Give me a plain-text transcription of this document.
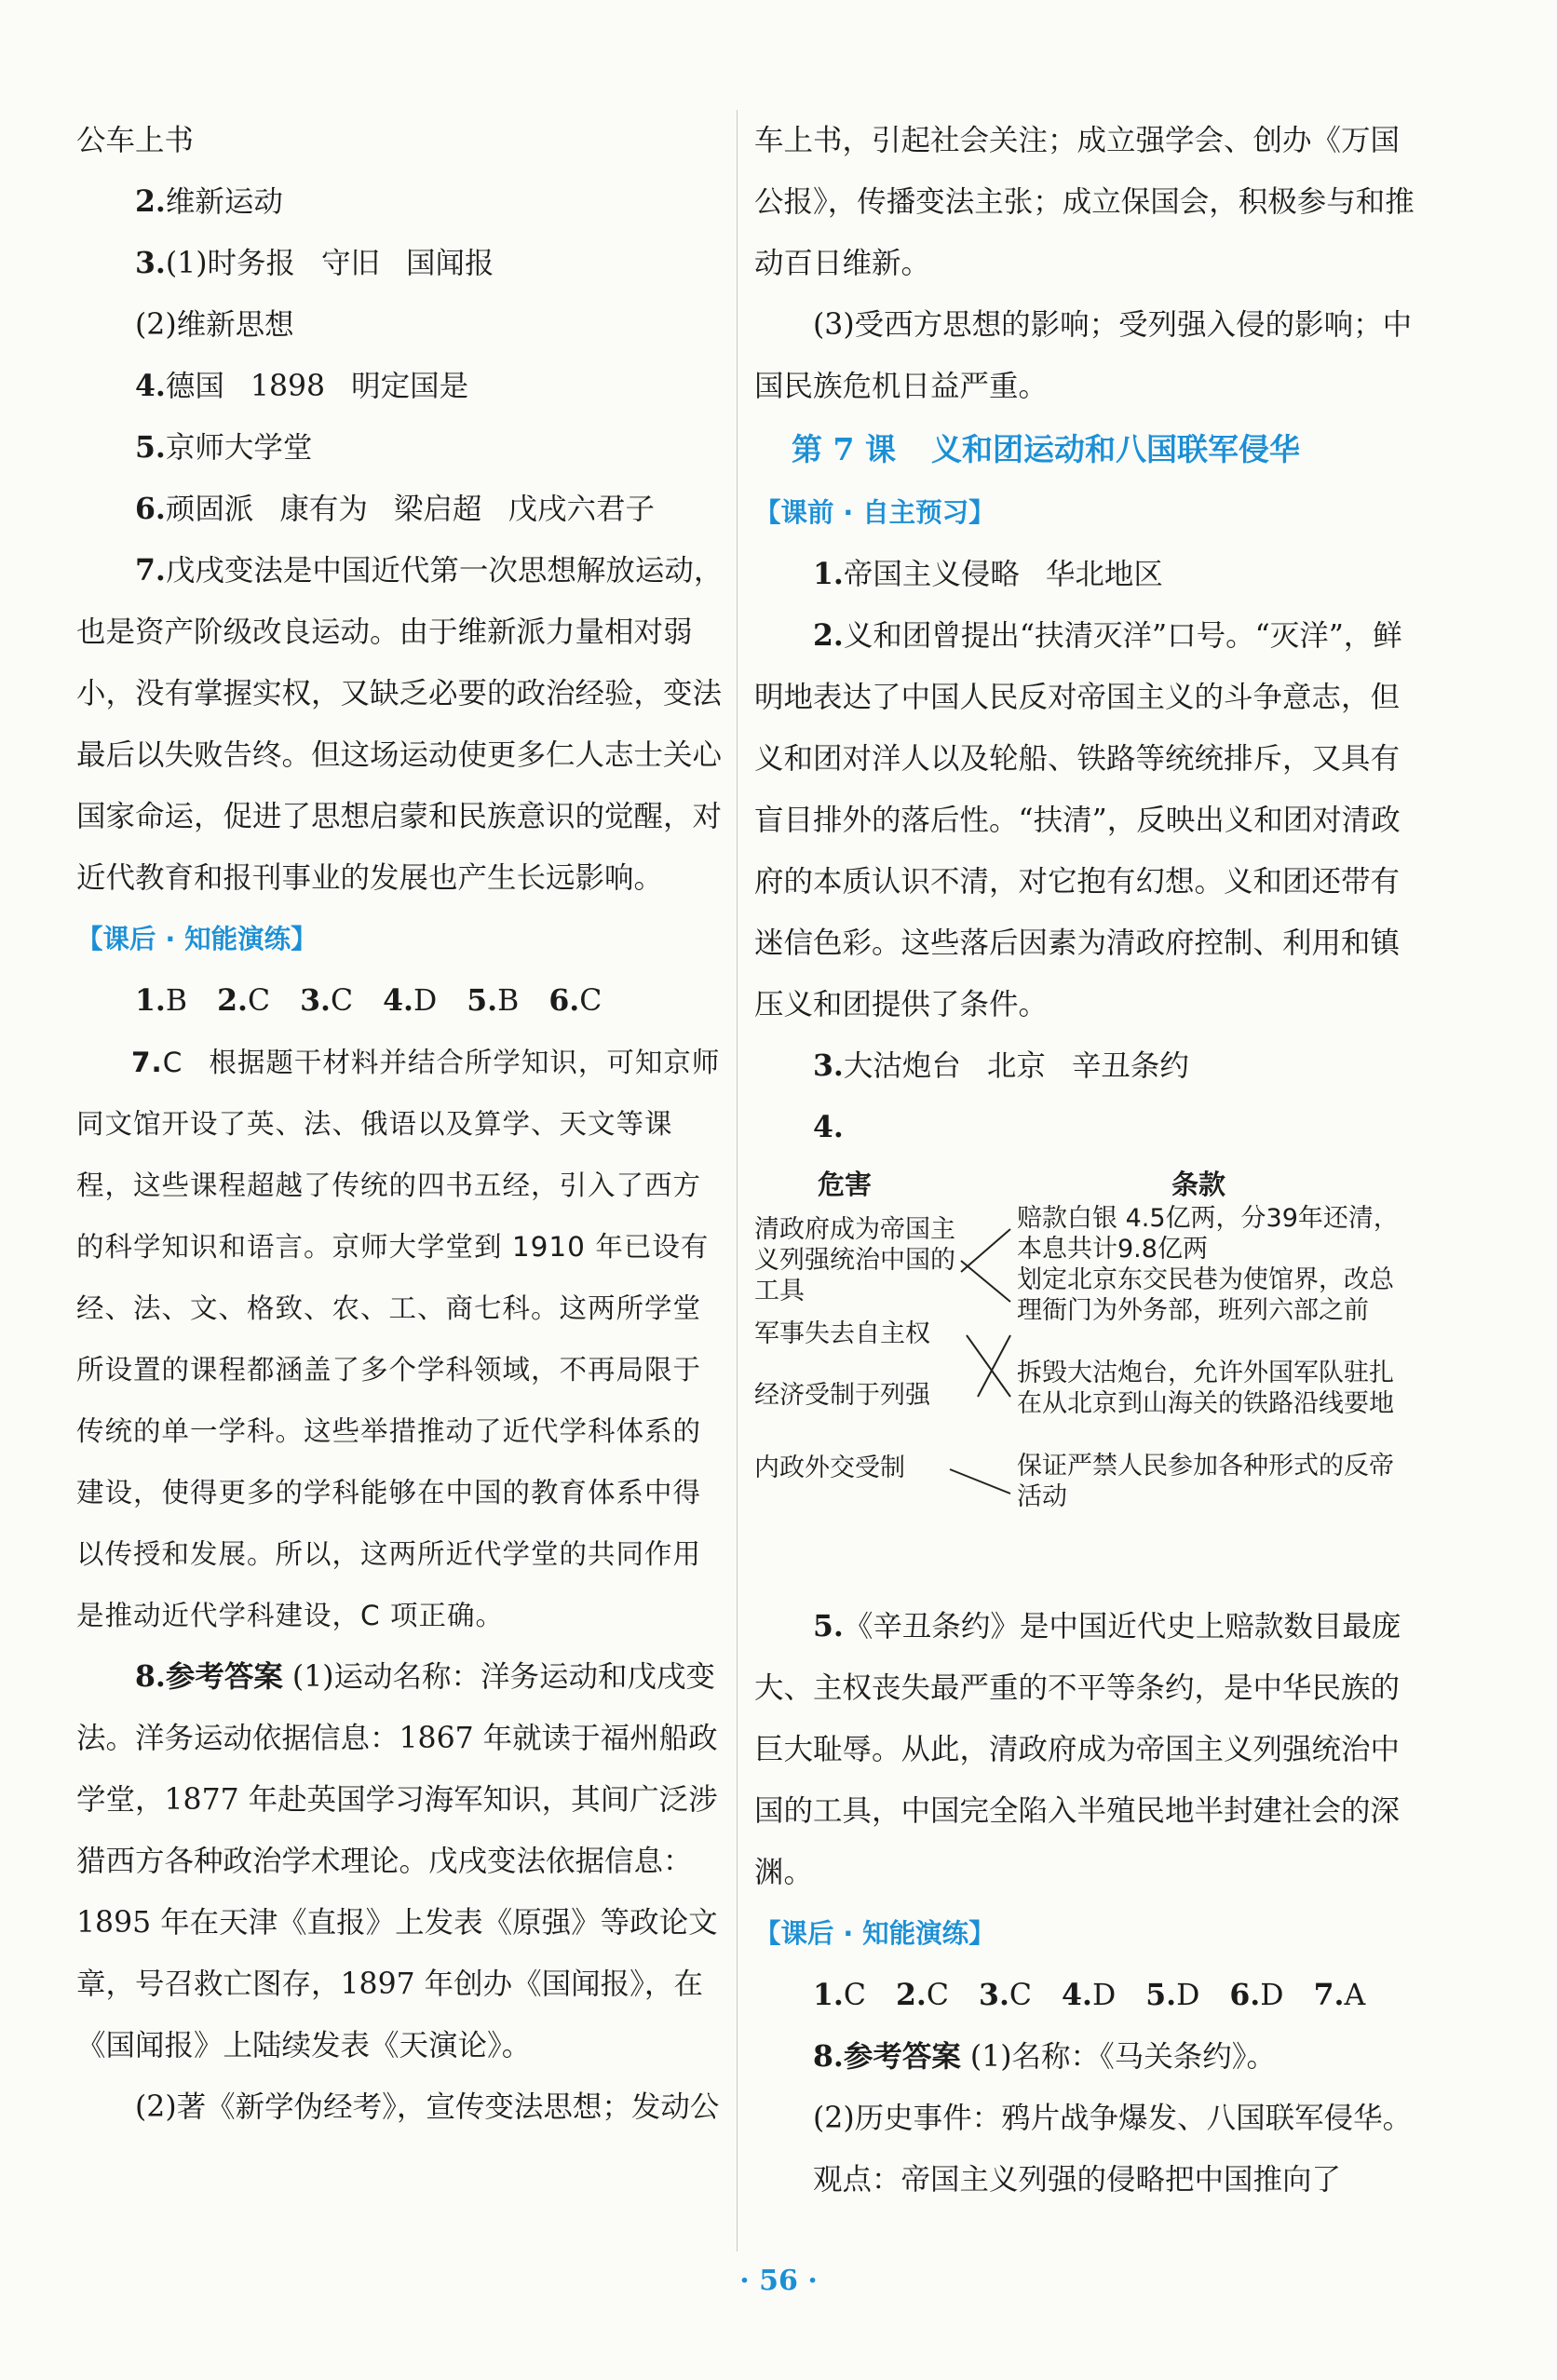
公车上书

2.维新运动

3.(1)时务报 守旧 国闻报

(2)维新思想

4.德国 1898 明定国是

5.京师大学堂

6.顽固派 康有为 梁启超 戊戌六君子

7.戊戌变法是中国近代第一次思想解放运动，也是资产阶级改良运动。由于维新派力量相对弱小，没有掌握实权，又缺乏必要的政治经验，变法最后以失败告终。但这场运动使更多仁人志士关心国家命运，促进了思想启蒙和民族意识的觉醒，对近代教育和报刊事业的发展也产生长远影响。

【课后 · 知能演练】

1.B 2.C 3.C 4.D 5.B 6.C

7.C 根据题干材料并结合所学知识，可知京师同文馆开设了英、法、俄语以及算学、天文等课程，这些课程超越了传统的四书五经，引入了西方的科学知识和语言。京师大学堂到 1910 年已设有经、法、文、格致、农、工、商七科。这两所学堂所设置的课程都涵盖了多个学科领域，不再局限于传统的单一学科。这些举措推动了近代学科体系的建设，使得更多的学科能够在中国的教育体系中得以传授和发展。所以，这两所近代学堂的共同作用是推动近代学科建设，C 项正确。

8.参考答案 (1)运动名称：洋务运动和戊戌变法。洋务运动依据信息：1867 年就读于福州船政学堂，1877 年赴英国学习海军知识，其间广泛涉猎西方各种政治学术理论。戊戌变法依据信息：1895 年在天津《直报》上发表《原强》等政论文章，号召救亡图存，1897 年创办《国闻报》，在《国闻报》上陆续发表《天演论》。

(2)著《新学伪经考》，宣传变法思想；发动公

车上书，引起社会关注；成立强学会、创办《万国公报》，传播变法主张；成立保国会，积极参与和推动百日维新。

(3)受西方思想的影响；受列强入侵的影响；中国民族危机日益严重。

第 7 课 义和团运动和八国联军侵华

【课前 · 自主预习】

1.帝国主义侵略 华北地区

2.义和团曾提出“扶清灭洋”口号。“灭洋”，鲜明地表达了中国人民反对帝国主义的斗争意志，但义和团对洋人以及轮船、铁路等统统排斥，又具有盲目排外的落后性。“扶清”，反映出义和团对清政府的本质认识不清，对它抱有幻想。义和团还带有迷信色彩。这些落后因素为清政府控制、利用和镇压义和团提供了条件。

3.大沽炮台 北京 辛丑条约

4.

危害	条款
清政府成为帝国主义列强统治中国的工具
军事失去自主权
经济受制于列强
内政外交受制
赔款白银 4.5亿两，分39年还清，本息共计9.8亿两
划定北京东交民巷为使馆界，改总理衙门为外务部，班列六部之前
拆毁大沽炮台，允许外国军队驻扎在从北京到山海关的铁路沿线要地
保证严禁人民参加各种形式的反帝活动

5.《辛丑条约》是中国近代史上赔款数目最庞大、主权丧失最严重的不平等条约，是中华民族的巨大耻辱。从此，清政府成为帝国主义列强统治中国的工具，中国完全陷入半殖民地半封建社会的深渊。

【课后 · 知能演练】

1.C 2.C 3.C 4.D 5.D 6.D 7.A

8.参考答案 (1)名称：《马关条约》。

(2)历史事件：鸦片战争爆发、八国联军侵华。

观点：帝国主义列强的侵略把中国推向了

· 56 ·
